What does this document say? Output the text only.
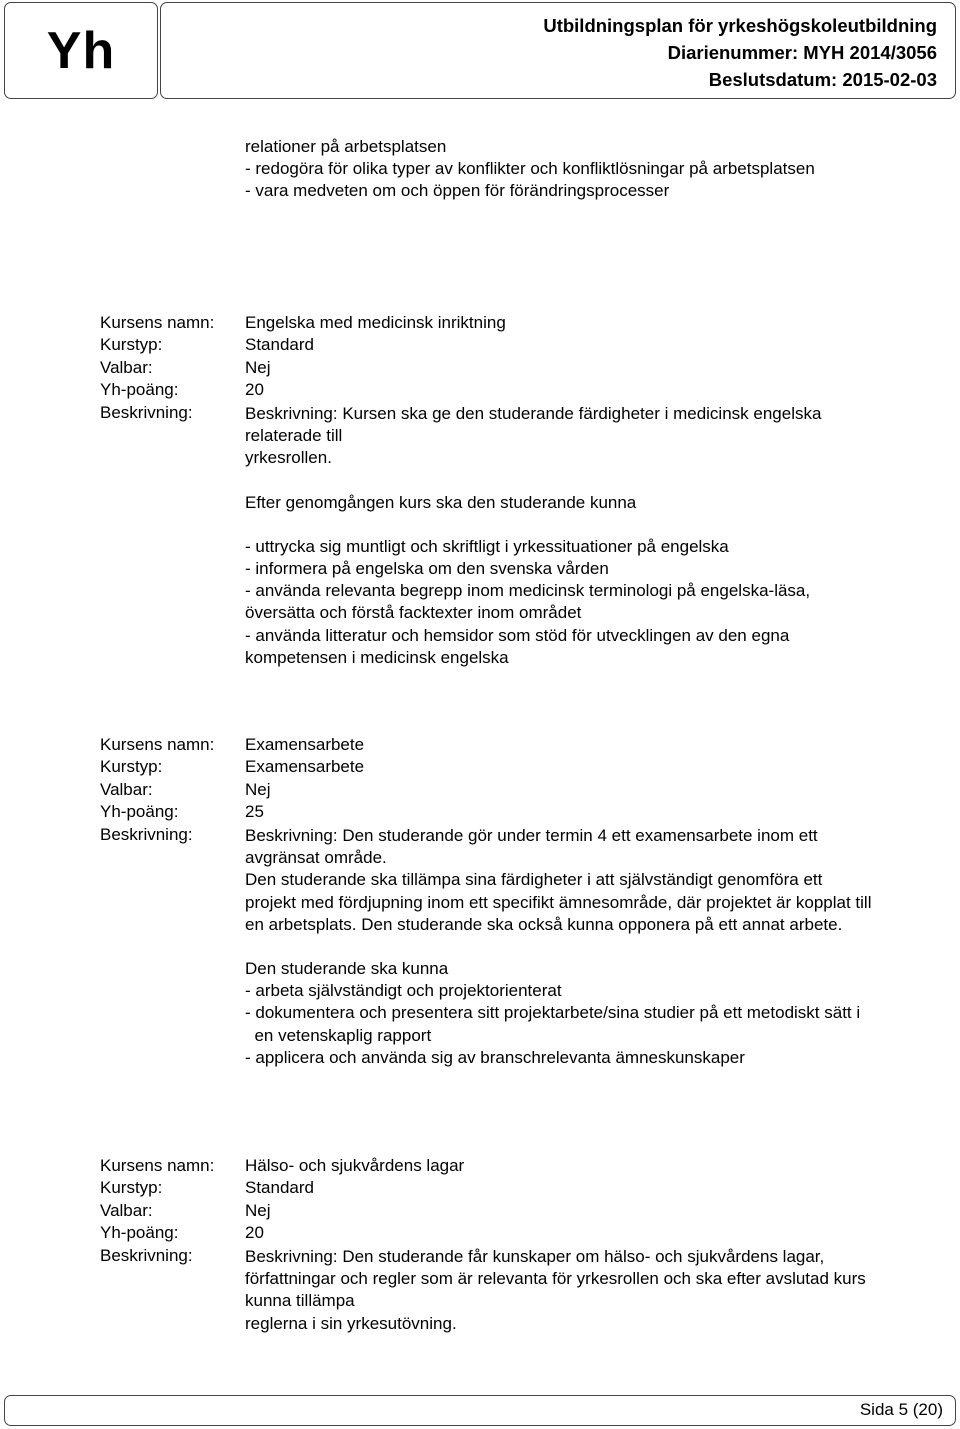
Yh	Utbildningsplan för yrkeshögskoleutbildning
Diarienummer: MYH 2014/3056
Beslutsdatum: 2015-02-03
relationer på arbetsplatsen
- redogöra för olika typer av konflikter och konfliktlösningar på arbetsplatsen
- vara medveten om och öppen för förändringsprocesser
Kursens namn:	Engelska med medicinsk inriktning
Kurstyp:	Standard
Valbar:	Nej
Yh-poäng:	20
Beskrivning:	Beskrivning: Kursen ska ge den studerande färdigheter i medicinsk engelska
relaterade till
yrkesrollen.
Efter genomgången kurs ska den studerande kunna
- uttrycka sig muntligt och skriftligt i yrkessituationer på engelska
- informera på engelska om den svenska vården
- använda relevanta begrepp inom medicinsk terminologi på engelska-läsa,
översätta och förstå facktexter inom området
- använda litteratur och hemsidor som stöd för utvecklingen av den egna
kompetensen i medicinsk engelska
Kursens namn:	Examensarbete
Kurstyp:	Examensarbete
Valbar:	Nej
Yh-poäng:	25
Beskrivning:	Beskrivning: Den studerande gör under termin 4 ett examensarbete inom ett
avgränsat område.
Den studerande ska tillämpa sina färdigheter i att självständigt genomföra ett
projekt med fördjupning inom ett specifikt ämnesområde, där projektet är kopplat till
en arbetsplats. Den studerande ska också kunna opponera på ett annat arbete.
Den studerande ska kunna
- arbeta självständigt och projektorienterat
- dokumentera och presentera sitt projektarbete/sina studier på ett metodiskt sätt i
en vetenskaplig rapport
- applicera och använda sig av branschrelevanta ämneskunskaper
Kursens namn:	Hälso- och sjukvårdens lagar
Kurstyp:	Standard
Valbar:	Nej
Yh-poäng:	20
Beskrivning:	Beskrivning: Den studerande får kunskaper om hälso- och sjukvårdens lagar,
författningar och regler som är relevanta för yrkesrollen och ska efter avslutad kurs
kunna tillämpa
reglerna i sin yrkesutövning.
Sida 5 (20)
